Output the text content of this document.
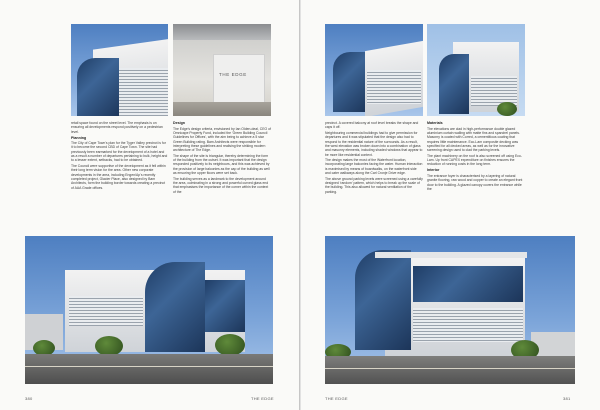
THE EDGE

retail space found on the street level. The emphasis is on ensuring all developments respond positively on a pedestrian level.

Planning

The City of Cape Town's plan for the Tyger Valley precinct is for it to become the second CBD of Cape Town. The site had previously been earmarked for the development of a hotel and as a result a number of departures pertaining to bulk, height and to a lesser extent, setbacks, had to be obtained.

The Council were supportive of the development as it fell within their long term vision for the area. Other new corporate developments in the area, including Engen/Ap's recently completed project, Glacier Place, also designed by Bam Architects, form the building border towards creating a precinct of AAA Grade offices.

Design

The Edge's design criteria, envisioned by Ian Olden-deal, CEO of Omnicape Property Fund, included the 'Green Building Council Guidelines for Offices', with the aim being to achieve a 5 star Green Building rating. Bam Architects were responsible for interpreting these guidelines and realising the striking modern architecture of The Edge.

The shape of the site is triangular, thereby determining the form of the building from the outset. It was important that the design responded positively to its neighbours, and this was achieved by the provision of large balconies as the cap of the building as well as ensuring the upper floors were set back.

The building serves as a landmark to the development around the area, culminating in a strong and powerful curved glass end that emphasises the importance of the corner within the context of the

380	THE EDGE

precinct. A covered balcony at roof level breaks the shape and caps it off.

Neighbouring commercial buildings had to give permission for departures and it was stipulated that the design also had to respond to the residential nature of the surrounds. As a result, the west elevation was broken down into a combination of glass and masonry elements, including shaded windows that appear to be more like residential context.

The design makes the most of the Waterfront location, incorporating large balconies facing the water. Human interaction is maximised by means of boardwalks, on the waterfront side and cater walkways along the Carl Cronje Drive edge.

The above ground parking levels were screened using a carefully designed 'random' pattern, which helps to break up the scale of the building. This also allowed for natural ventilation of the parking.

Materials

The elevations are clad in high-performance double glazed aluminium curtain walling with matte fins and spandrel panels. Masonry is coated with Corred, a cementitious coating that requires little maintenance. Eco-Lam composite decking was specified for all decked areas, as well as for the innovative screening design used to clad the parking levels.

The plant machinery on the roof is also screened off using Eco-Lam. Up front CAPEX expenditure on finishes ensures the reduction of running costs in the long term.

Interior

The entrance foyer is characterised by a layering of natural granite flooring, raw wood and copper to create an elegant front door to the building. A glazed canopy covers the entrance while the

THE EDGE	381
